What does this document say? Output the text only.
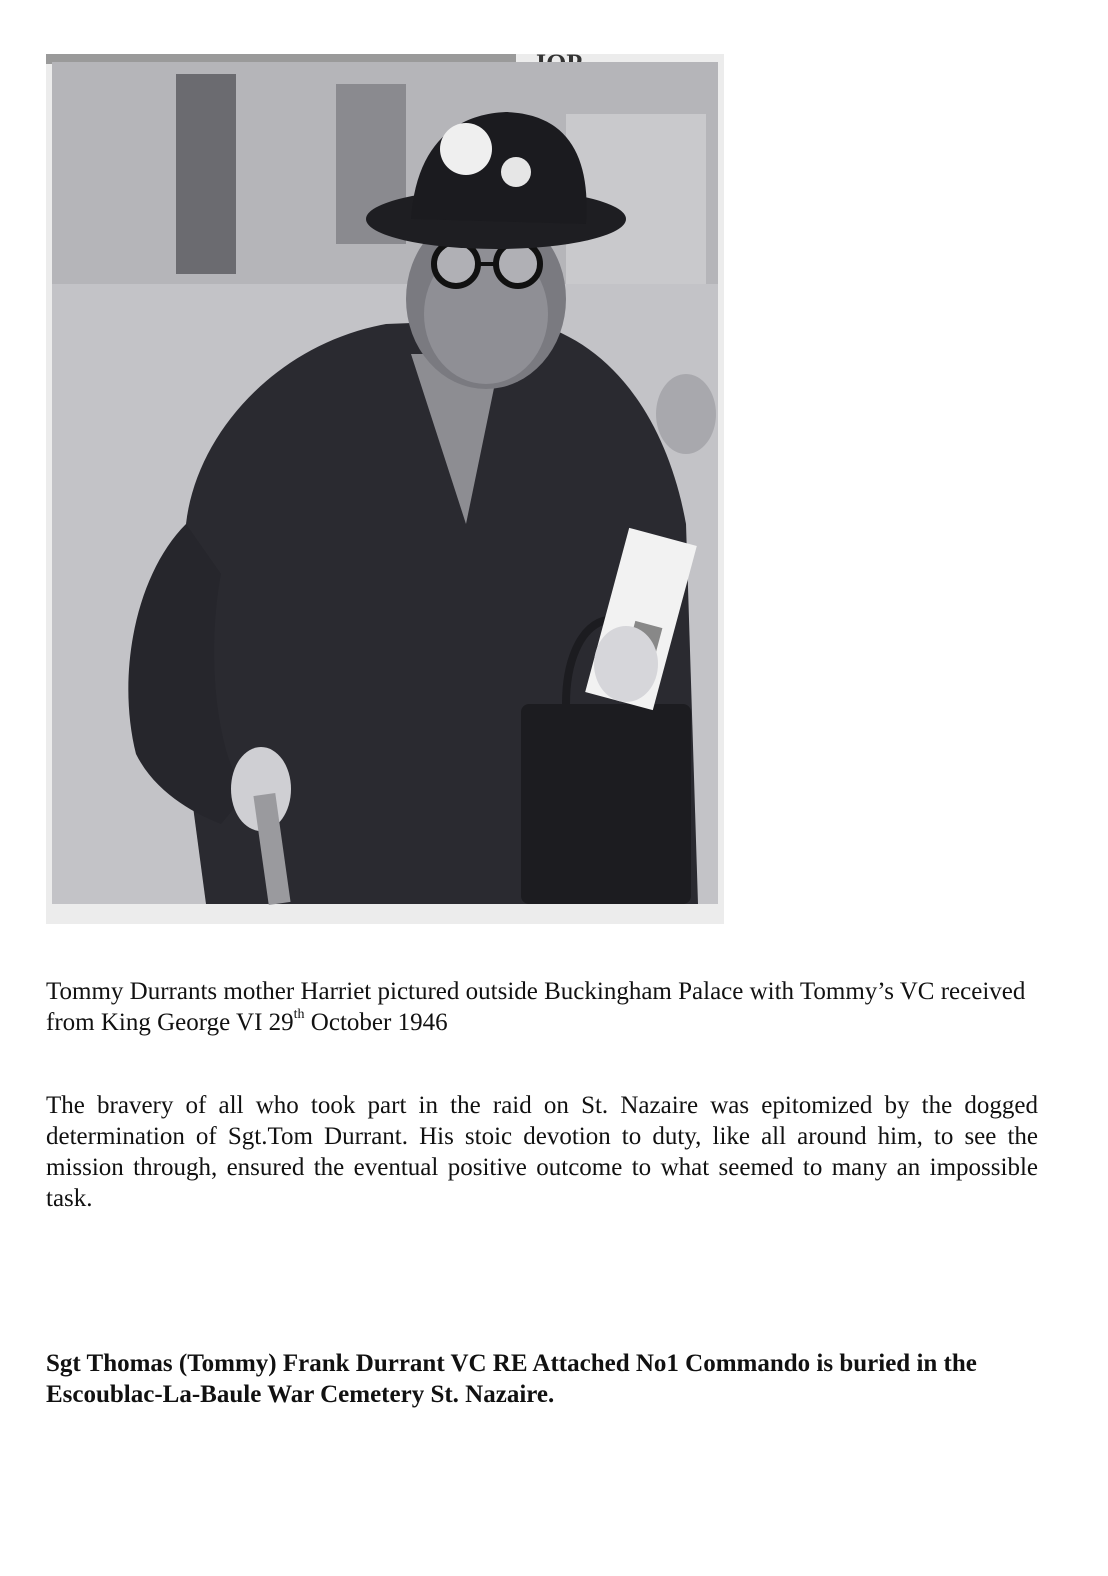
Tommy Durrants mother Harriet pictured outside Buckingham Palace with Tommy’s VC received from King George VI 29th October 1946
The bravery of all who took part in the raid on St. Nazaire was epitomized by the dogged determination of Sgt.Tom Durrant. His stoic devotion to duty, like all around him, to see the mission through, ensured the eventual positive outcome to what seemed to many an impossible task.
Sgt Thomas (Tommy) Frank Durrant VC RE Attached No1 Commando is buried in the Escoublac-La-Baule War Cemetery St. Nazaire.
